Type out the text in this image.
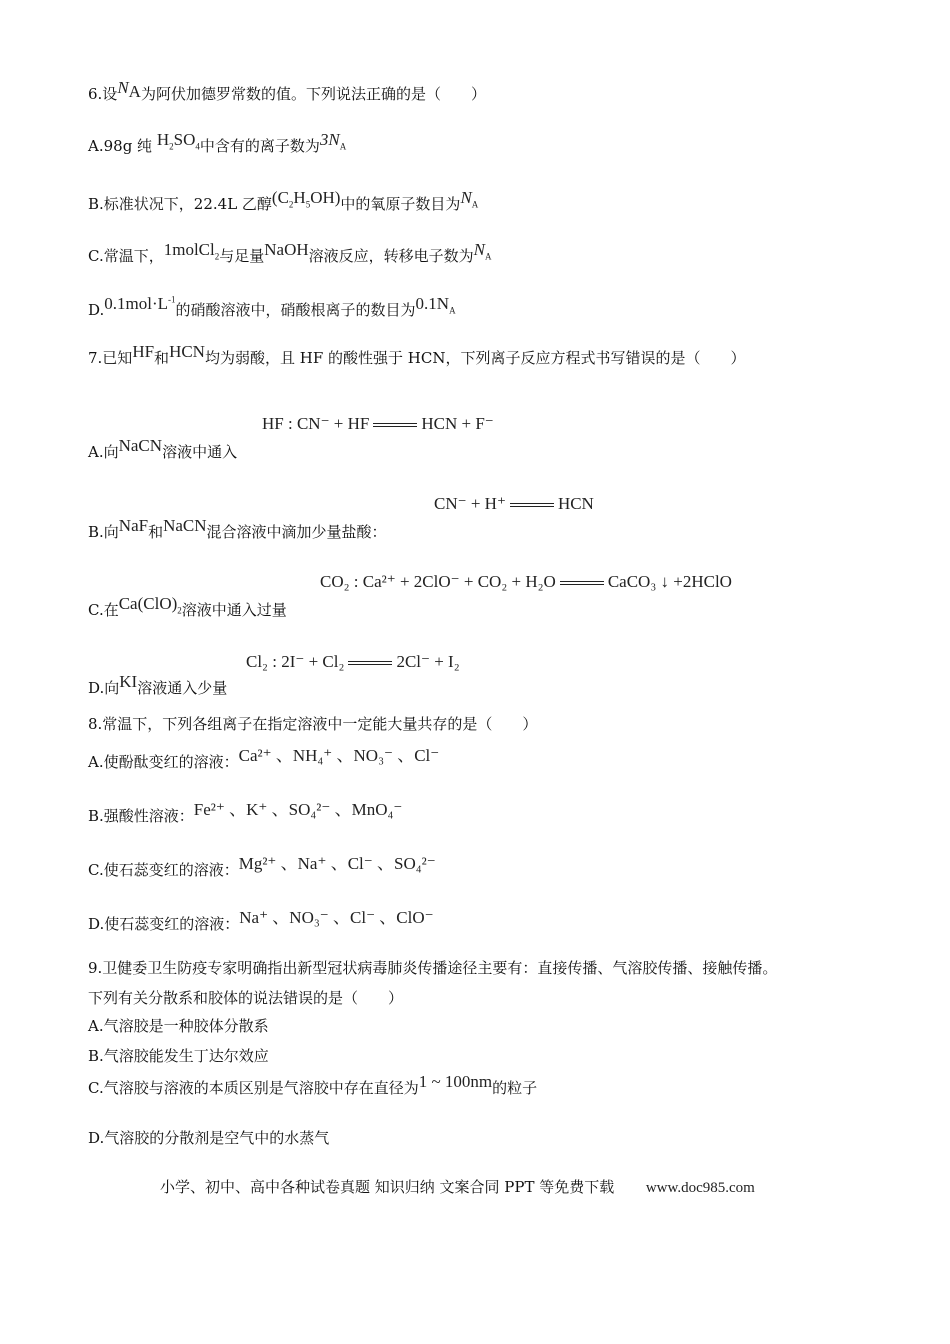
6.设$N_A$为阿伏加德罗常数的值。下列说法正确的是（　　）
A.98g 纯 $H_2SO_4$中含有的离子数为$3N_A$
B.标准状况下，22.4L 乙醇$(C_2H_5OH)$中的氧原子数目为$N_A$
C.常温下，1molCl$_2$与足量NaOH溶液反应，转移电子数为$N_A$
$D.0.1mol\cdot L^{-1}$的硝酸溶液中，硝酸根离子的数目为$0.1N_A$
7.已知HF和HCN均为弱酸，且 HF 的酸性强于 HCN，下列离子反应方程式书写错误的是（　　）
HF : CN⁻ + HF	HCN + F⁻
A.向NaCN溶液中通入
CN⁻ + H⁺	HCN
B.向NaF和NaCN混合溶液中滴加少量盐酸：
CO₂ : Ca²⁺ + 2ClO⁻ + CO₂ + H₂O	CaCO₃ ↓ +2HClO
C.在$Ca(ClO)_2$溶液中通入过量
Cl₂ : 2I⁻ + Cl₂	2Cl⁻ + I₂
D.向KI溶液通入少量
8.常温下，下列各组离子在指定溶液中一定能大量共存的是（　　）
A.使酚酞变红的溶液：Ca²⁺ 、NH₄⁺ 、NO₃⁻ 、Cl⁻
B.强酸性溶液：Fe²⁺ 、K⁺ 、SO₄²⁻ 、MnO₄⁻
C.使石蕊变红的溶液：Mg²⁺ 、Na⁺ 、Cl⁻ 、SO₄²⁻
D.使石蕊变红的溶液：Na⁺ 、NO₃⁻ 、Cl⁻ 、ClO⁻
9.卫健委卫生防疫专家明确指出新型冠状病毒肺炎传播途径主要有：直接传播、气溶胶传播、接触传播。
下列有关分散系和胶体的说法错误的是（　　）
A.气溶胶是一种胶体分散系
B.气溶胶能发生丁达尔效应
C.气溶胶与溶液的本质区别是气溶胶中存在直径为1 ~ 100nm的粒子
D.气溶胶的分散剂是空气中的水蒸气
小学、初中、高中各种试卷真题 知识归纳 文案合同 PPT 等免费下载 www.doc985.com
